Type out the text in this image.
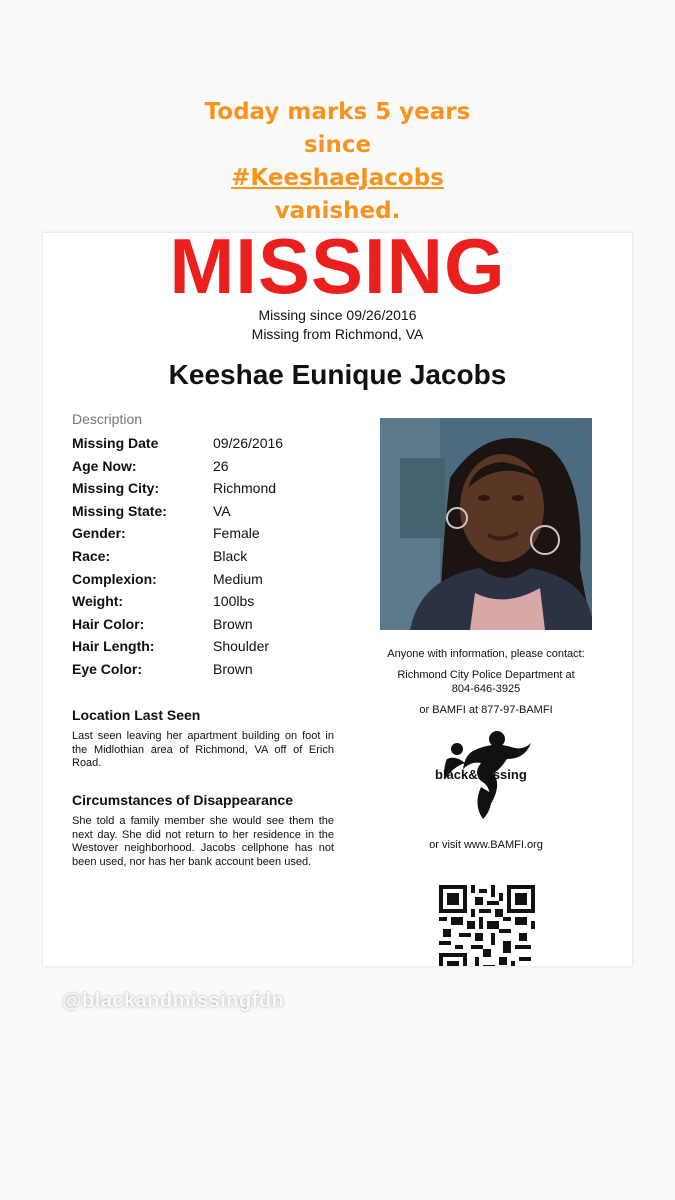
Today marks 5 years
since
#KeeshaeJacobs
vanished.
MISSING
Missing since 09/26/2016
Missing from Richmond, VA
Keeshae Eunique Jacobs
Description
Missing Date	09/26/2016
Age Now:	26
Missing City:	Richmond
Missing State:	VA
Gender:	Female
Race:	Black
Complexion:	Medium
Weight:	100lbs
Hair Color:	Brown
Hair Length:	Shoulder
Eye Color:	Brown
Location Last Seen
Last seen leaving her apartment building on foot in the Midlothian area of Richmond, VA off of Erich Road.
Circumstances of Disappearance
She told a family member she would see them the next day. She did not return to her residence in the Westover neighborhood. Jacobs cellphone has not been used, nor has her bank account been used.
Anyone with information, please contact:
Richmond City Police Department at
804-646-3925
or BAMFI at 877-97-BAMFI
black&missing
or visit www.BAMFI.org
@blackandmissingfdn
